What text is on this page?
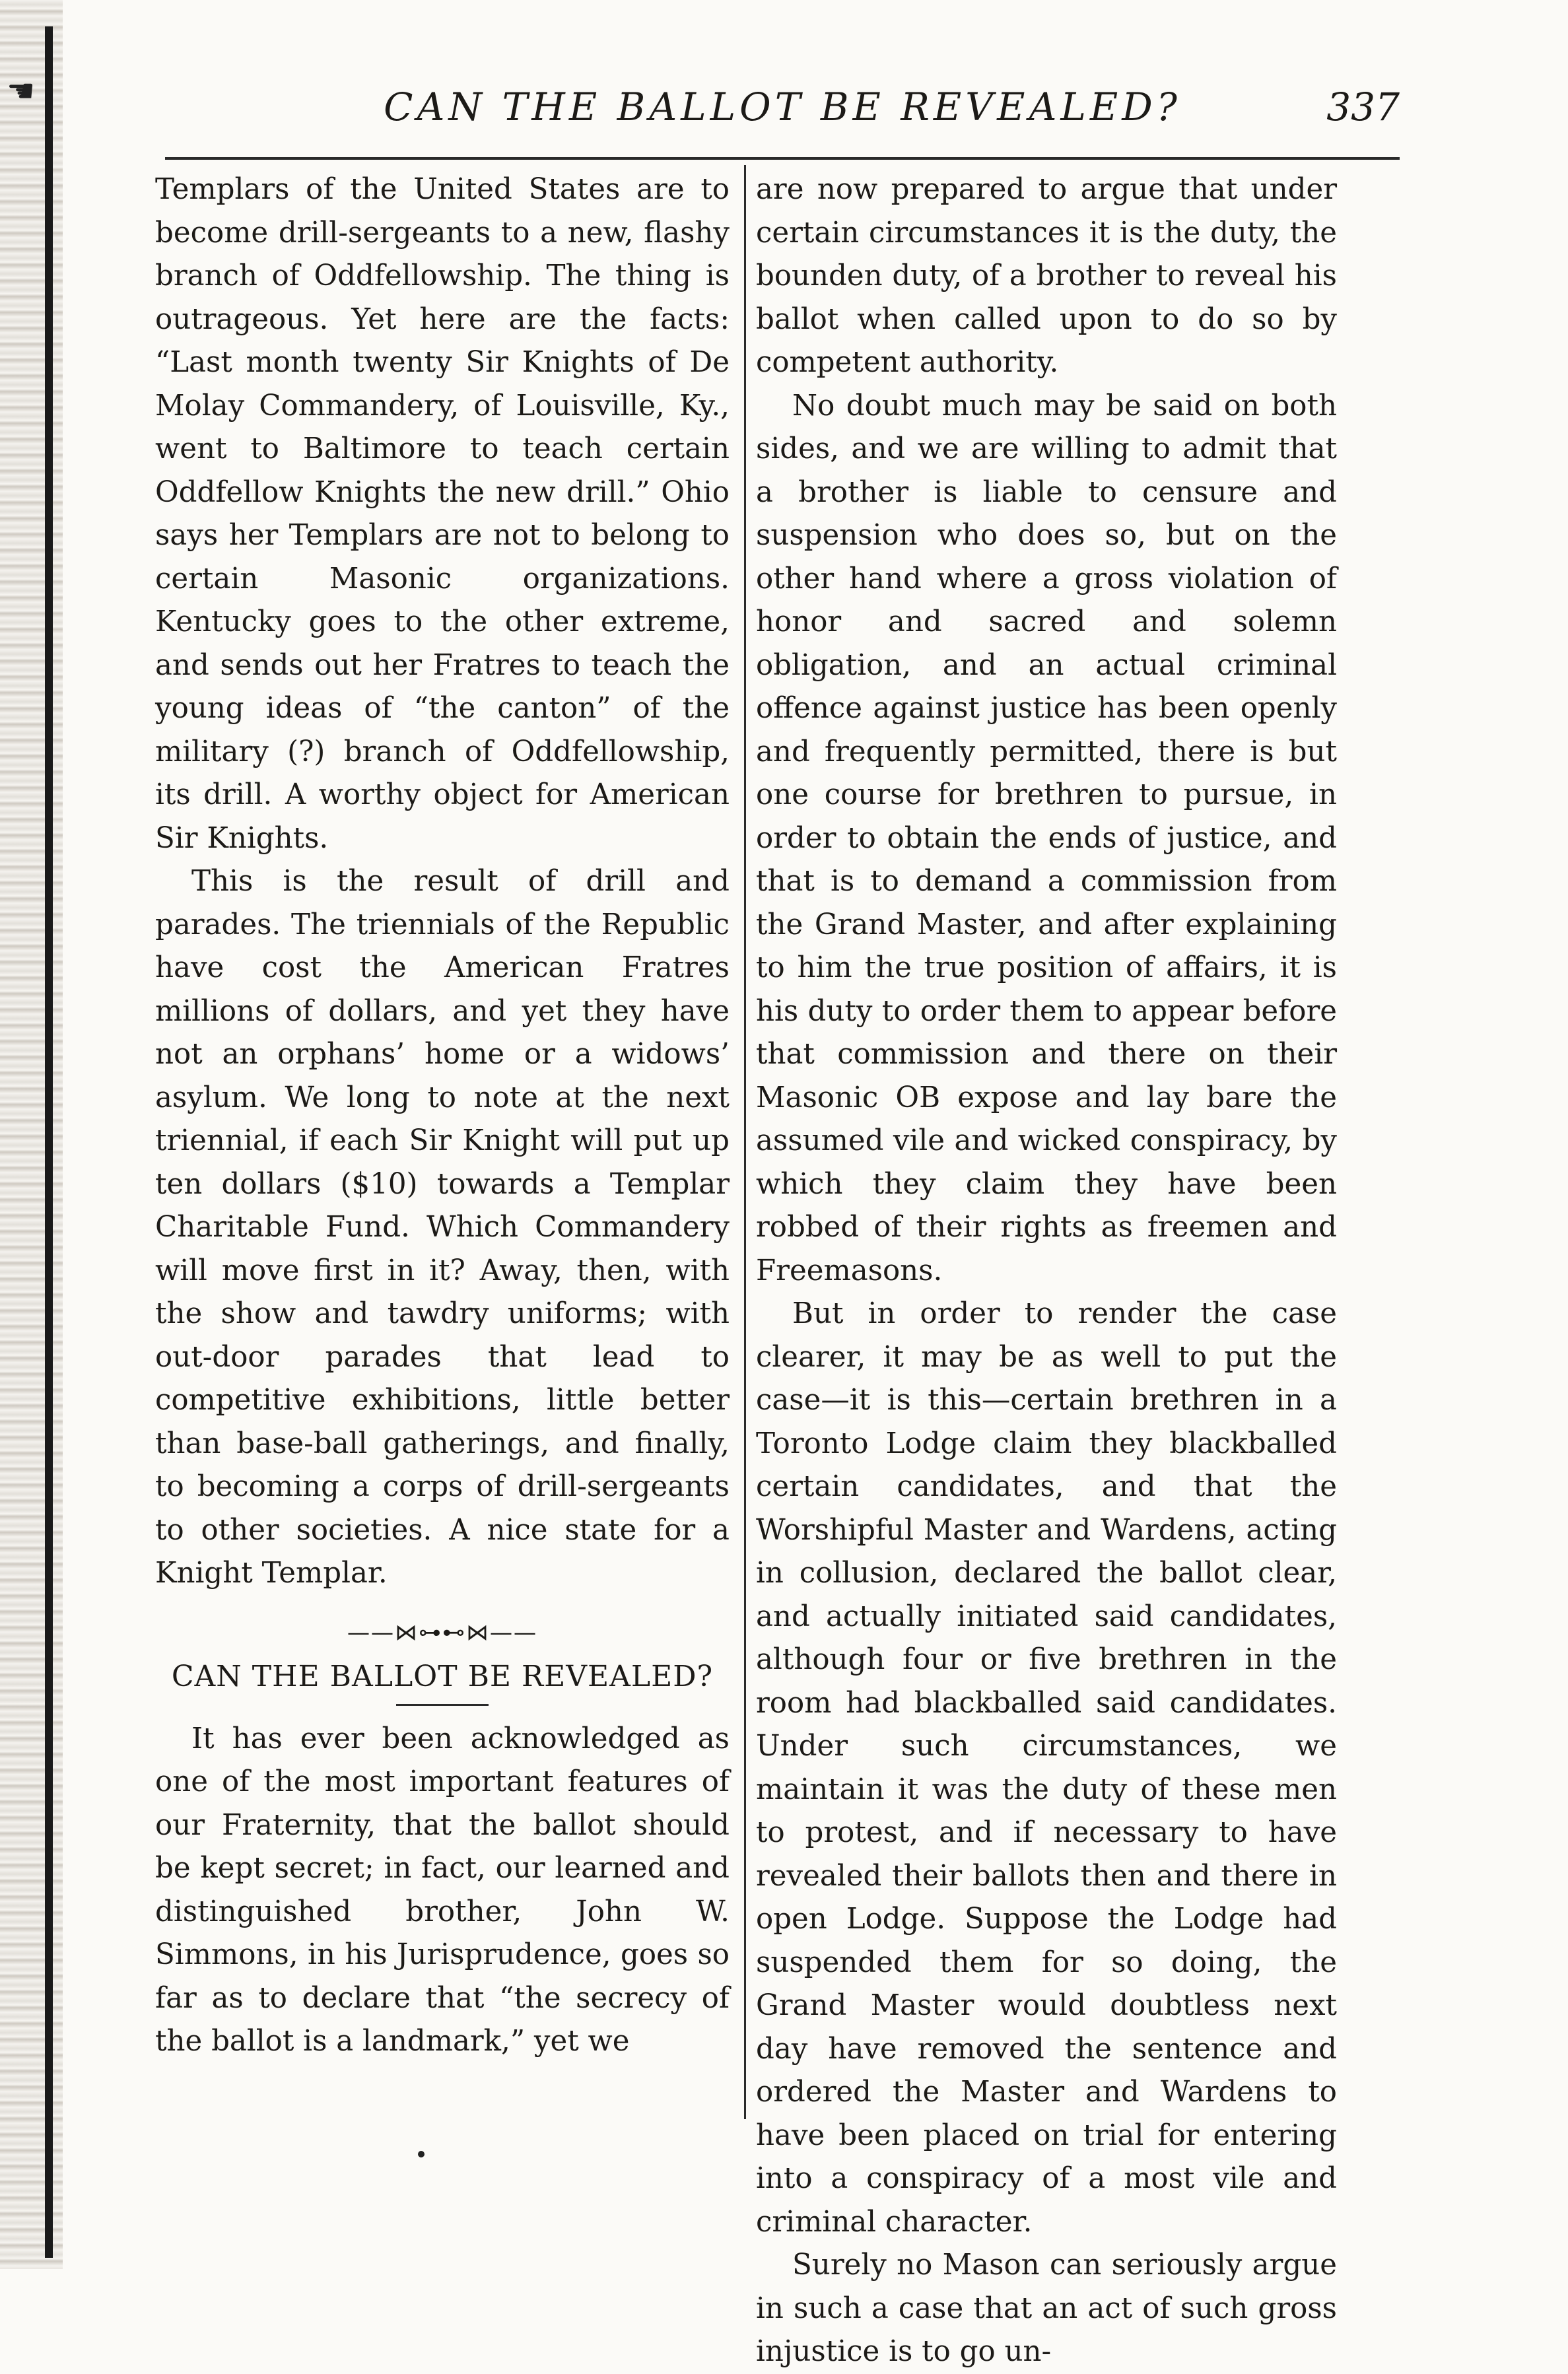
☚	CAN THE BALLOT BE REVEALED?	337

Templars of the United States are to become drill-sergeants to a new, flashy branch of Oddfellowship. The thing is outrageous. Yet here are the facts: “Last month twenty Sir Knights of De Molay Commandery, of Louisville, Ky., went to Baltimore to teach certain Oddfellow Knights the new drill.” Ohio says her Templars are not to belong to certain Masonic organizations. Kentucky goes to the other extreme, and sends out her Fratres to teach the young ideas of “the canton” of the military (?) branch of Oddfellowship, its drill. A worthy object for American Sir Knights.

This is the result of drill and parades. The triennials of the Republic have cost the American Fratres millions of dollars, and yet they have not an orphans’ home or a widows’ asylum. We long to note at the next triennial, if each Sir Knight will put up ten dollars ($10) towards a Templar Charitable Fund. Which Commandery will move first in it? Away, then, with the show and tawdry uniforms; with out-door parades that lead to competitive exhibitions, little better than base-ball gatherings, and finally, to becoming a corps of drill-sergeants to other societies. A nice state for a Knight Templar.

——⋈⊶⊷⋈——
CAN THE BALLOT BE REVEALED?

It has ever been acknowledged as one of the most important features of our Fraternity, that the ballot should be kept secret; in fact, our learned and distinguished brother, John W. Simmons, in his Jurisprudence, goes so far as to declare that “the secrecy of the ballot is a landmark,” yet we

are now prepared to argue that under certain circumstances it is the duty, the bounden duty, of a brother to reveal his ballot when called upon to do so by competent authority.

No doubt much may be said on both sides, and we are willing to admit that a brother is liable to censure and suspension who does so, but on the other hand where a gross violation of honor and sacred and solemn obligation, and an actual criminal offence against justice has been openly and frequently permitted, there is but one course for brethren to pursue, in order to obtain the ends of justice, and that is to demand a commission from the Grand Master, and after explaining to him the true position of affairs, it is his duty to order them to appear before that commission and there on their Masonic OB expose and lay bare the assumed vile and wicked conspiracy, by which they claim they have been robbed of their rights as freemen and Freemasons.

But in order to render the case clearer, it may be as well to put the case—it is this—certain brethren in a Toronto Lodge claim they blackballed certain candidates, and that the Worshipful Master and Wardens, acting in collusion, declared the ballot clear, and actually initiated said candidates, although four or five brethren in the room had blackballed said candidates. Under such circumstances, we maintain it was the duty of these men to protest, and if necessary to have revealed their ballots then and there in open Lodge. Suppose the Lodge had suspended them for so doing, the Grand Master would doubtless next day have removed the sentence and ordered the Master and Wardens to have been placed on trial for entering into a conspiracy of a most vile and criminal character.

Surely no Mason can seriously argue in such a case that an act of such gross injustice is to go un-
